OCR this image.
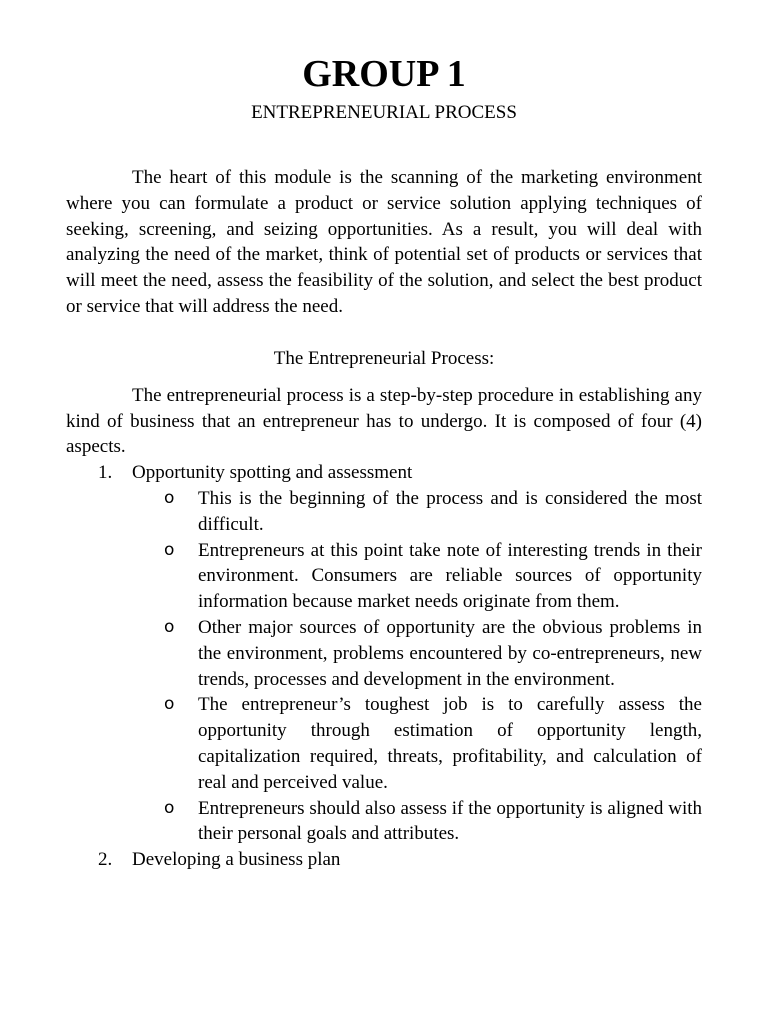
GROUP 1
ENTREPRENEURIAL PROCESS

The heart of this module is the scanning of the marketing environment where you can formulate a product or service solution applying techniques of seeking, screening, and seizing opportunities. As a result, you will deal with analyzing the need of the market, think of potential set of products or services that will meet the need, assess the feasibility of the solution, and select the best product or service that will address the need.

The Entrepreneurial Process:

The entrepreneurial process is a step-by-step procedure in establishing any kind of business that an entrepreneur has to undergo. It is composed of four (4) aspects.

1. Opportunity spotting and assessment
o This is the beginning of the process and is considered the most difficult.
o Entrepreneurs at this point take note of interesting trends in their environment. Consumers are reliable sources of opportunity information because market needs originate from them.
o Other major sources of opportunity are the obvious problems in the environment, problems encountered by co-entrepreneurs, new trends, processes and development in the environment.
o The entrepreneur’s toughest job is to carefully assess the opportunity through estimation of opportunity length, capitalization required, threats, profitability, and calculation of real and perceived value.
o Entrepreneurs should also assess if the opportunity is aligned with their personal goals and attributes.
2. Developing a business plan
